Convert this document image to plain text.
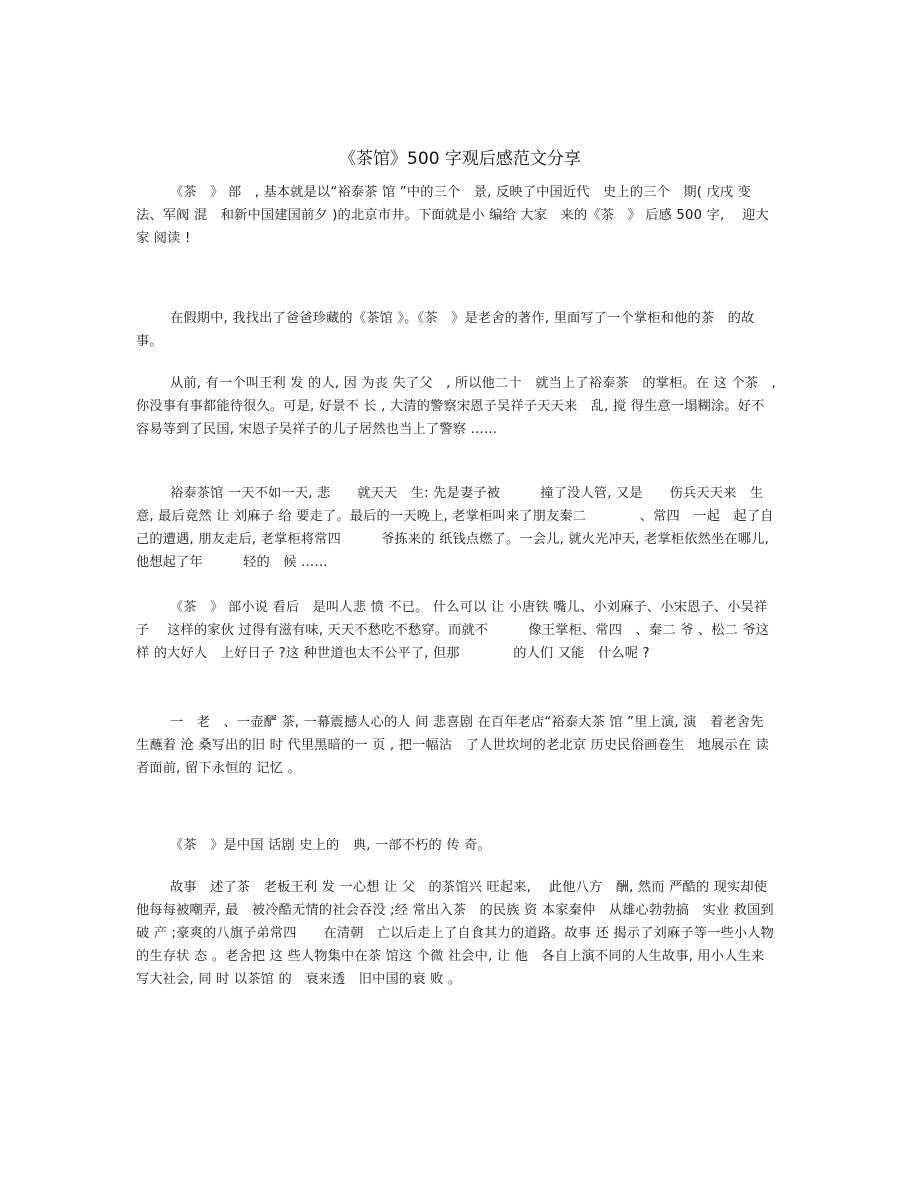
《茶馆》500 字观后感范文分享

《茶　》 部　, 基本就是以“裕泰茶 馆 ”中的三个　景, 反映了中国近代　史上的三个　期( 戊戌 变 法、军阀 混　和新中国建国前夕 )的北京市井。下面就是小 编给 大家　来的《茶　》 后感 500 字, 　迎大家 阅读 !

在假期中, 我找出了爸爸珍藏的《茶馆 》。《茶　》是老舍的著作, 里面写了一个掌柜和他的茶　的故事。

从前, 有一个叫王利 发 的人, 因 为丧 失了父　, 所以他二十　就当上了裕泰茶　的掌柜。在 这 个茶　, 你没事有事都能待很久。可是, 好景不 长 , 大清的警察宋恩子吴祥子天天来　乱, 搅 得生意一塌糊涂。好不容易等到了民国, 宋恩子吴祥子的儿子居然也当上了警察 ……

裕泰茶馆 一天不如一天, 悲　　就天天　生: 先是妻子被　　　撞了没人管, 又是　　伤兵天天来　生意, 最后竟然 让 刘麻子 给 要走了。最后的一天晚上, 老掌柜叫来了朋友秦二　　　　、常四　一起　起了自己的遭遇, 朋友走后, 老掌柜将常四　　　爷拣来的 纸钱点燃了。一会儿, 就火光冲天, 老掌柜依然坐在哪儿, 他想起了年　　　轻的　候 ……

《茶　》 部小说 看后　是叫人悲 愤 不已。 什么可以 让 小唐铁 嘴儿、小刘麻子、小宋恩子、小吴祥子　 这样的家伙 过得有滋有味, 天天不愁吃不愁穿。而就不　　　像王掌柜、常四　、秦二 爷 、松二 爷这样 的大好人　上好日子 ?这 种世道也太不公平了, 但那　　　　的人们 又能　什么呢 ?

一　老　、一壶酽 茶, 一幕震撼人心的人 间 悲喜剧 在百年老店“裕泰大茶 馆 ”里上演, 演　着老舍先生蘸着 沧 桑写出的旧 时 代里黑暗的一 页 , 把一幅沾　了人世坎坷的老北京 历史民俗画卷生　地展示在 读 者面前, 留下永恒的 记忆 。

《茶　》是中国 话剧 史上的　典, 一部不朽的 传 奇。

故事　述了茶　老板王利 发 一心想 让 父　的茶馆兴 旺起来, 　此他八方　酬, 然而 严酷的 现实却使他每每被嘲弄, 最　被冷酷无情的社会吞没 ;经 常出入茶　的民族 资 本家秦仲　从雄心勃勃搞　实业 救国到破 产 ;豪爽的八旗子弟常四　　在清朝　亡以后走上了自食其力的道路。故事 还 揭示了刘麻子等一些小人物的生存状 态 。老舍把 这 些人物集中在茶 馆这 个微 社会中, 让 他　各自上演不同的人生故事, 用小人生来写大社会, 同 时 以茶馆 的　衰来透　旧中国的衰 败 。
